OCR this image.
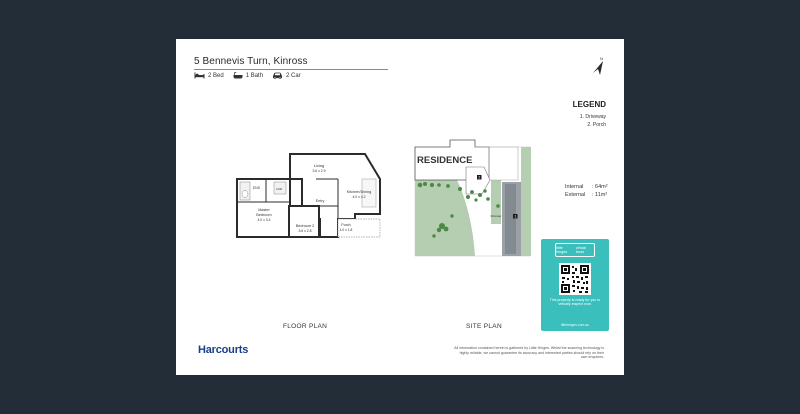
5 Bennevis Turn, Kinross
2 Bed	1 Bath	2 Car
N
LEGEND
1. Driveway
2. Porch
Internal : 64m²
External : 11m²
Living
3.6 x 2.9
Kitchen/Dining
4.0 x 4.2
Master
Bedroom
4.0 x 3.4
Bedroom 2
3.6 x 2.8
Entry
Porch
4.0 x 1.8
ENS	LDR
RESIDENCE
2
1
Driveway
FLOOR PLAN	SITE PLAN
little hinges
virtual tours
This property is ready for you to virtually inspect now.
littlehinges.com.au
Harcourts	All information contained herein is gathered by Little Hinges. Whilst the scanning technology is highly reliable, we cannot guarantee its accuracy and interested parties should rely on their own enquiries.
